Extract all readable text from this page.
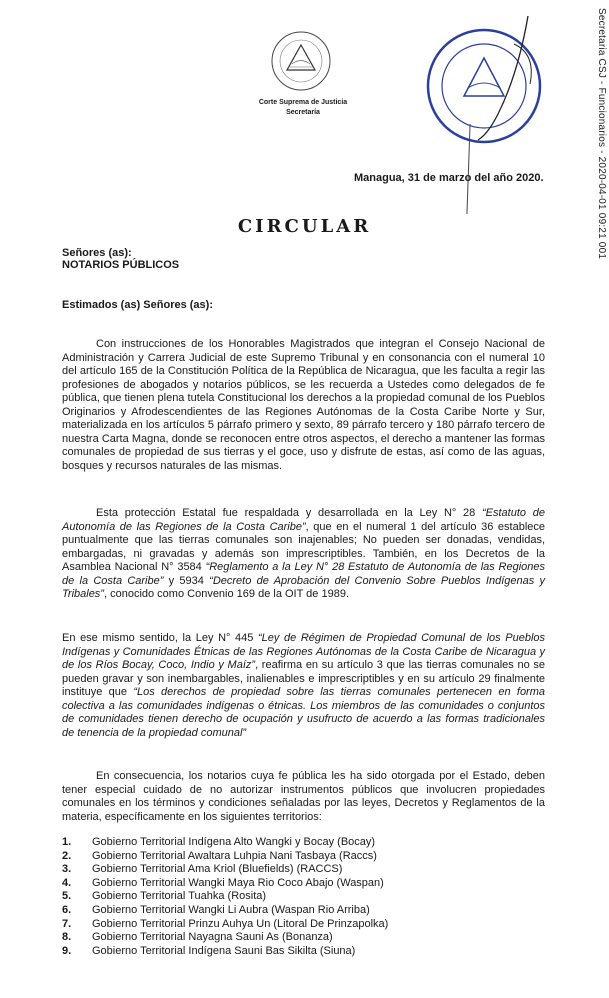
Secretaria CSJ - Funcionarios - 2020-04-01 09:21 001
Corte Suprema de Justicia
Secretaría
Managua, 31 de marzo del año 2020.
CIRCULAR
Señores (as):
NOTARIOS PÚBLICOS
Estimados (as) Señores (as):
Con instrucciones de los Honorables Magistrados que integran el Consejo Nacional de Administración y Carrera Judicial de este Supremo Tribunal y en consonancia con el numeral 10 del artículo 165 de la Constitución Política de la República de Nicaragua, que les faculta a regir las profesiones de abogados y notarios públicos, se les recuerda a Ustedes como delegados de fe pública, que tienen plena tutela Constitucional los derechos a la propiedad comunal de los Pueblos Originarios y Afrodescendientes de las Regiones Autónomas de la Costa Caribe Norte y Sur, materializada en los artículos 5 párrafo primero y sexto, 89 párrafo tercero y 180 párrafo tercero de nuestra Carta Magna, donde se reconocen entre otros aspectos, el derecho a mantener las formas comunales de propiedad de sus tierras y el goce, uso y disfrute de estas, así como de las aguas, bosques y recursos naturales de las mismas.
Esta protección Estatal fue respaldada y desarrollada en la Ley N° 28 “Estatuto de Autonomía de las Regiones de la Costa Caribe”, que en el numeral 1 del artículo 36 establece puntualmente que las tierras comunales son inajenables; No pueden ser donadas, vendidas, embargadas, ni gravadas y además son imprescriptibles. También, en los Decretos de la Asamblea Nacional N° 3584 “Reglamento a la Ley N° 28 Estatuto de Autonomía de las Regiones de la Costa Caribe” y 5934 “Decreto de Aprobación del Convenio Sobre Pueblos Indígenas y Tribales”, conocido como Convenio 169 de la OIT de 1989.
En ese mismo sentido, la Ley N° 445 “Ley de Régimen de Propiedad Comunal de los Pueblos Indígenas y Comunidades Étnicas de las Regiones Autónomas de la Costa Caribe de Nicaragua y de los Ríos Bocay, Coco, Indio y Maíz”, reafirma en su artículo 3 que las tierras comunales no se pueden gravar y son inembargables, inalienables e imprescriptibles y en su artículo 29 finalmente instituye que “Los derechos de propiedad sobre las tierras comunales pertenecen en forma colectiva a las comunidades indígenas o étnicas. Los miembros de las comunidades o conjuntos de comunidades tienen derecho de ocupación y usufructo de acuerdo a las formas tradicionales de tenencia de la propiedad comunal”
En consecuencia, los notarios cuya fe pública les ha sido otorgada por el Estado, deben tener especial cuidado de no autorizar instrumentos públicos que involucren propiedades comunales en los términos y condiciones señaladas por las leyes, Decretos y Reglamentos de la materia, específicamente en los siguientes territorios:
1.	Gobierno Territorial Indígena Alto Wangki y Bocay (Bocay)
2.	Gobierno Territorial Awaltara Luhpia Nani Tasbaya (Raccs)
3.	Gobierno Territorial Ama Kriol (Bluefields) (RACCS)
4.	Gobierno Territorial Wangki Maya Rio Coco Abajo (Waspan)
5.	Gobierno Territorial Tuahka (Rosita)
6.	Gobierno Territorial Wangki Li Aubra (Waspan Rio Arriba)
7.	Gobierno Territorial Prinzu Auhya Un (Litoral De Prinzapolka)
8.	Gobierno Territorial Nayagna Sauni As (Bonanza)
9.	Gobierno Territorial Indígena Sauni Bas Sikilta (Siuna)
